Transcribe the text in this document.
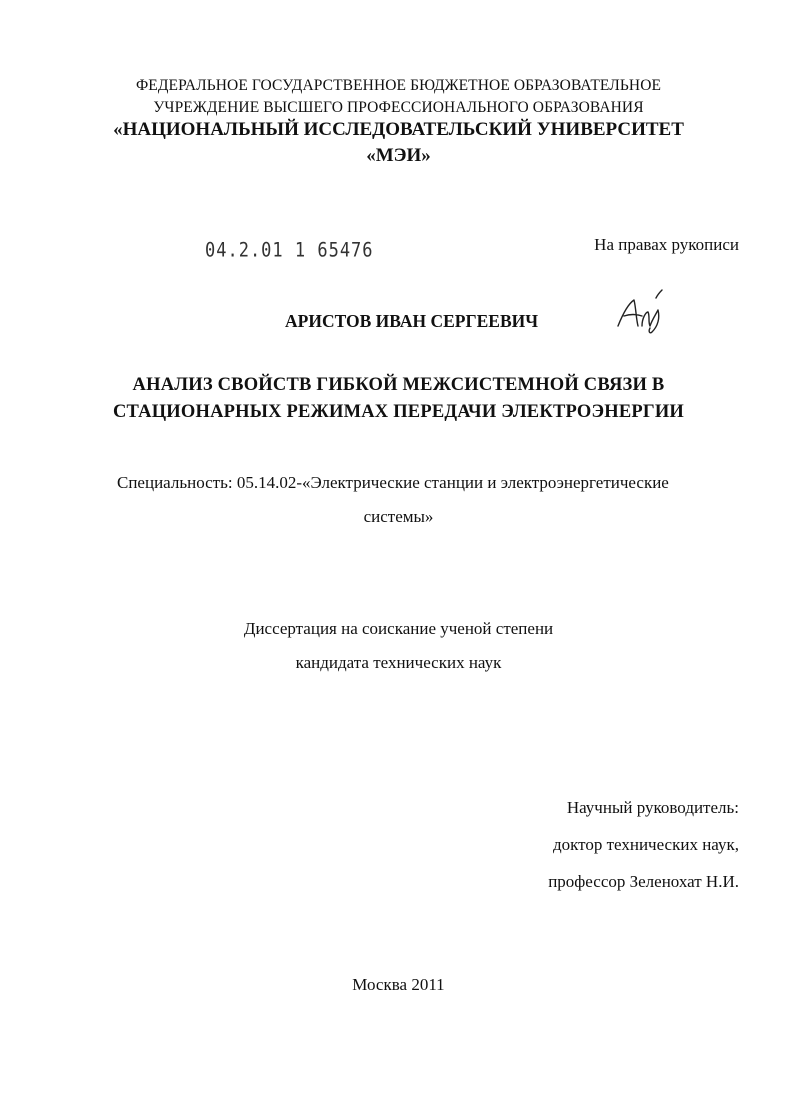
ФЕДЕРАЛЬНОЕ ГОСУДАРСТВЕННОЕ БЮДЖЕТНОЕ ОБРАЗОВАТЕЛЬНОЕ
УЧРЕЖДЕНИЕ ВЫСШЕГО ПРОФЕССИОНАЛЬНОГО ОБРАЗОВАНИЯ
«НАЦИОНАЛЬНЫЙ ИССЛЕДОВАТЕЛЬСКИЙ УНИВЕРСИТЕТ
«МЭИ»
04.2.01 1 65476	На правах рукописи
АРИСТОВ ИВАН СЕРГЕЕВИЧ
АНАЛИЗ СВОЙСТВ ГИБКОЙ МЕЖСИСТЕМНОЙ СВЯЗИ В
СТАЦИОНАРНЫХ РЕЖИМАХ ПЕРЕДАЧИ ЭЛЕКТРОЭНЕРГИИ
Специальность: 05.14.02-«Электрические станции и электроэнергетические
системы»
Диссертация на соискание ученой степени
кандидата технических наук
Научный руководитель:
доктор технических наук,
профессор Зеленохат Н.И.
Москва 2011
